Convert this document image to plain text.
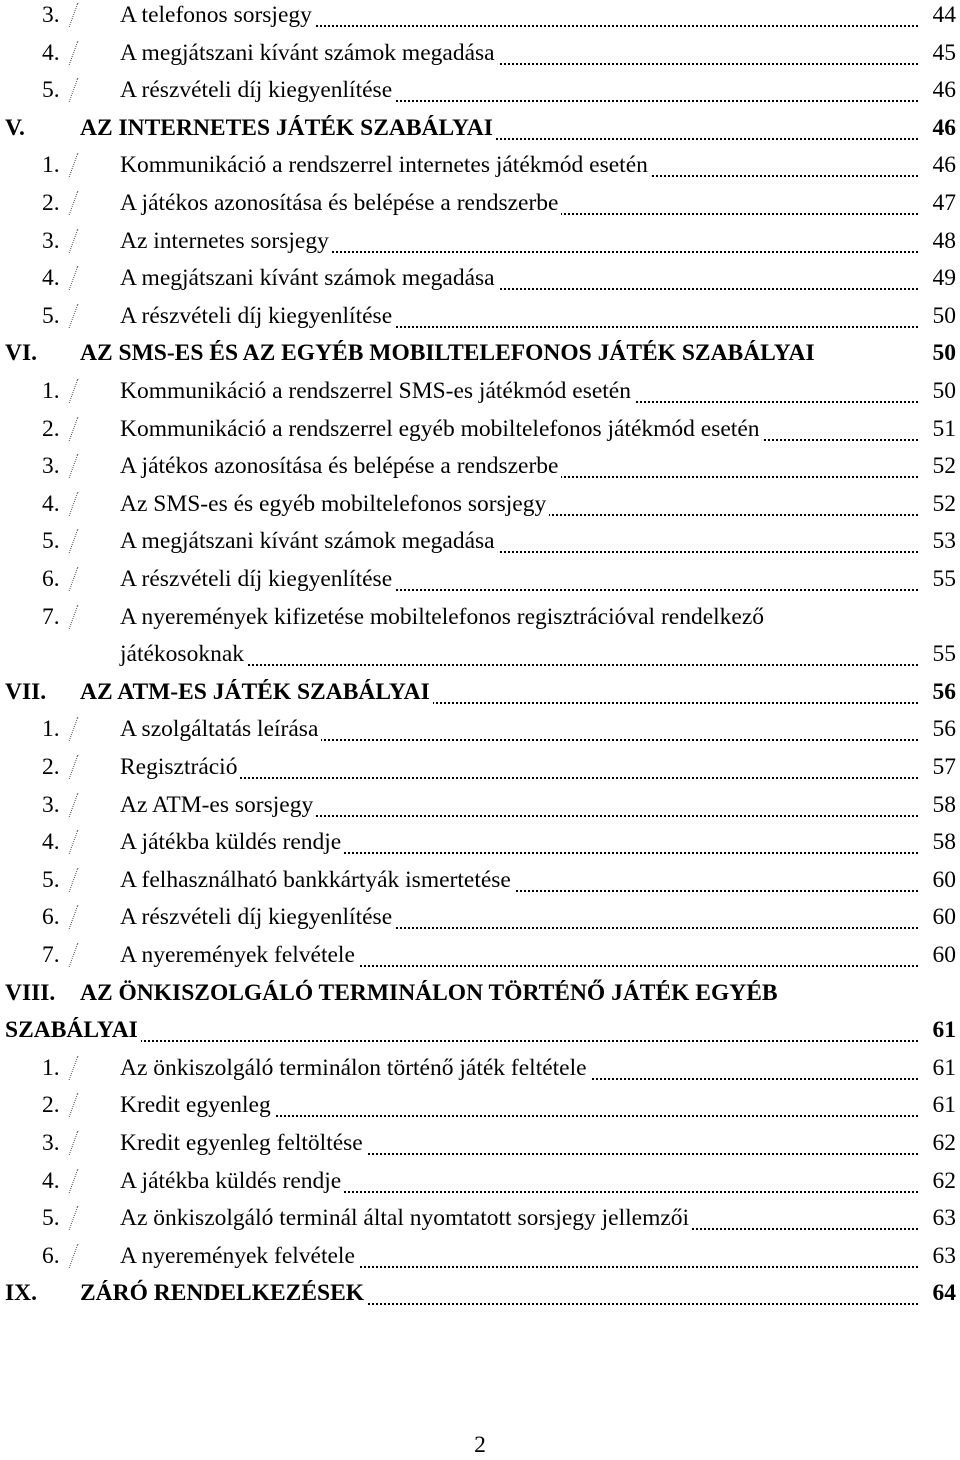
3.	A telefonos sorsjegy	44
4.	A megjátszani kívánt számok megadása	45
5.	A részvételi díj kiegyenlítése	46
V. AZ INTERNETES JÁTÉK SZABÁLYAI	46
1.	Kommunikáció a rendszerrel internetes játékmód esetén	46
2.	A játékos azonosítása és belépése a rendszerbe	47
3.	Az internetes sorsjegy	48
4.	A megjátszani kívánt számok megadása	49
5.	A részvételi díj kiegyenlítése	50
VI. AZ SMS-ES ÉS AZ EGYÉB MOBILTELEFONOS JÁTÉK SZABÁLYAI	50
1.	Kommunikáció a rendszerrel SMS-es játékmód esetén	50
2.	Kommunikáció a rendszerrel egyéb mobiltelefonos játékmód esetén	51
3.	A játékos azonosítása és belépése a rendszerbe	52
4.	Az SMS-es és egyéb mobiltelefonos sorsjegy	52
5.	A megjátszani kívánt számok megadása	53
6.	A részvételi díj kiegyenlítése	55
7.	A nyeremények kifizetése mobiltelefonos regisztrációval rendelkező
játékosoknak	55
VII. AZ ATM-ES JÁTÉK SZABÁLYAI	56
1.	A szolgáltatás leírása	56
2.	Regisztráció	57
3.	Az ATM-es sorsjegy	58
4.	A játékba küldés rendje	58
5.	A felhasználható bankkártyák ismertetése	60
6.	A részvételi díj kiegyenlítése	60
7.	A nyeremények felvétele	60
VIII. AZ ÖNKISZOLGÁLÓ TERMINÁLON TÖRTÉNŐ JÁTÉK EGYÉB
SZABÁLYAI	61
1.	Az önkiszolgáló terminálon történő játék feltétele	61
2.	Kredit egyenleg	61
3.	Kredit egyenleg feltöltése	62
4.	A játékba küldés rendje	62
5.	Az önkiszolgáló terminál által nyomtatott sorsjegy jellemzői	63
6.	A nyeremények felvétele	63
IX. ZÁRÓ RENDELKEZÉSEK	64
2
